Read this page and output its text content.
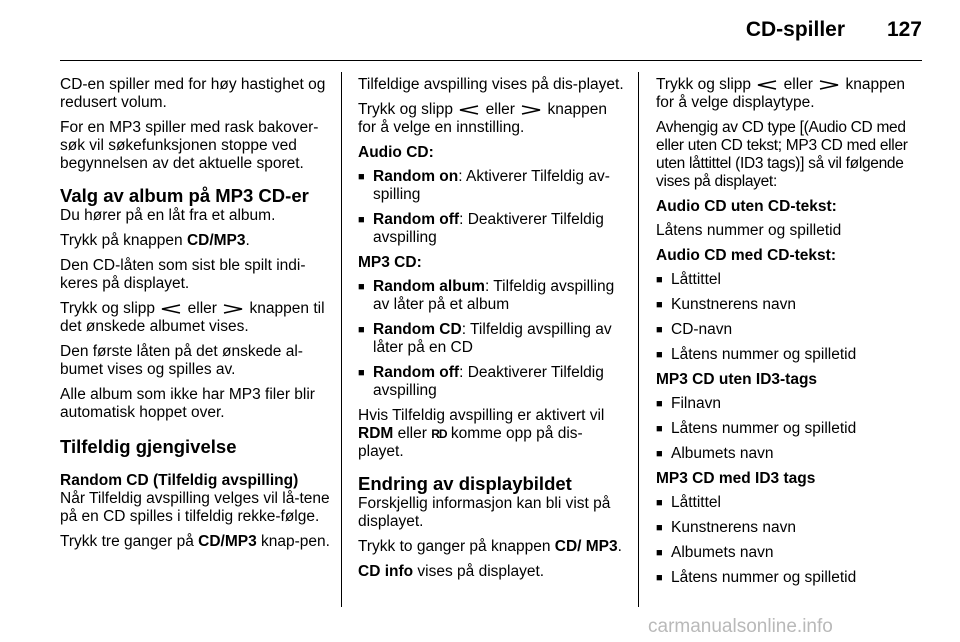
CD-spiller	127

CD-en spiller med for høy hastighet og redusert volum.

For en MP3 spiller med rask bakover-søk vil søkefunksjonen stoppe ved begynnelsen av det aktuelle sporet.

Valg av album på MP3 CD-er

Du hører på en låt fra et album.

Trykk på knappen CD/MP3.

Den CD-låten som sist ble spilt indi-keres på displayet.

Trykk og slipp  eller  knappen til det ønskede albumet vises.

Den første låten på det ønskede al-bumet vises og spilles av.

Alle album som ikke har MP3 filer blir automatisk hoppet over.

Tilfeldig gjengivelse
Random CD (Tilfeldig avspilling)

Når Tilfeldig avspilling velges vil lå-tene på en CD spilles i tilfeldig rekke-følge.

Trykk tre ganger på CD/MP3 knap-pen.

Tilfeldige avspilling vises på dis-playet.

Trykk og slipp  eller  knappen for å velge en innstilling.

Audio CD:
■ Random on: Aktiverer Tilfeldig av-spilling
■ Random off: Deaktiverer Tilfeldig avspilling
MP3 CD:
■ Random album: Tilfeldig avspilling av låter på et album
■ Random CD: Tilfeldig avspilling av låter på en CD
■ Random off: Deaktiverer Tilfeldig avspilling

Hvis Tilfeldig avspilling er aktivert vil RDM eller RD komme opp på dis-playet.

Endring av displaybildet

Forskjellig informasjon kan bli vist på displayet.

Trykk to ganger på knappen CD/ MP3.

CD info vises på displayet.

Trykk og slipp  eller  knappen for å velge displaytype.

Avhengig av CD type [(Audio CD med eller uten CD tekst; MP3 CD med eller uten låttittel (ID3 tags)] så vil følgende vises på displayet:

Audio CD uten CD-tekst:

Låtens nummer og spilletid

Audio CD med CD-tekst:
■ Låttittel
■ Kunstnerens navn
■ CD-navn
■ Låtens nummer og spilletid
MP3 CD uten ID3-tags
■ Filnavn
■ Låtens nummer og spilletid
■ Albumets navn
MP3 CD med ID3 tags
■ Låttittel
■ Kunstnerens navn
■ Albumets navn
■ Låtens nummer og spilletid
carmanualsonline.info
